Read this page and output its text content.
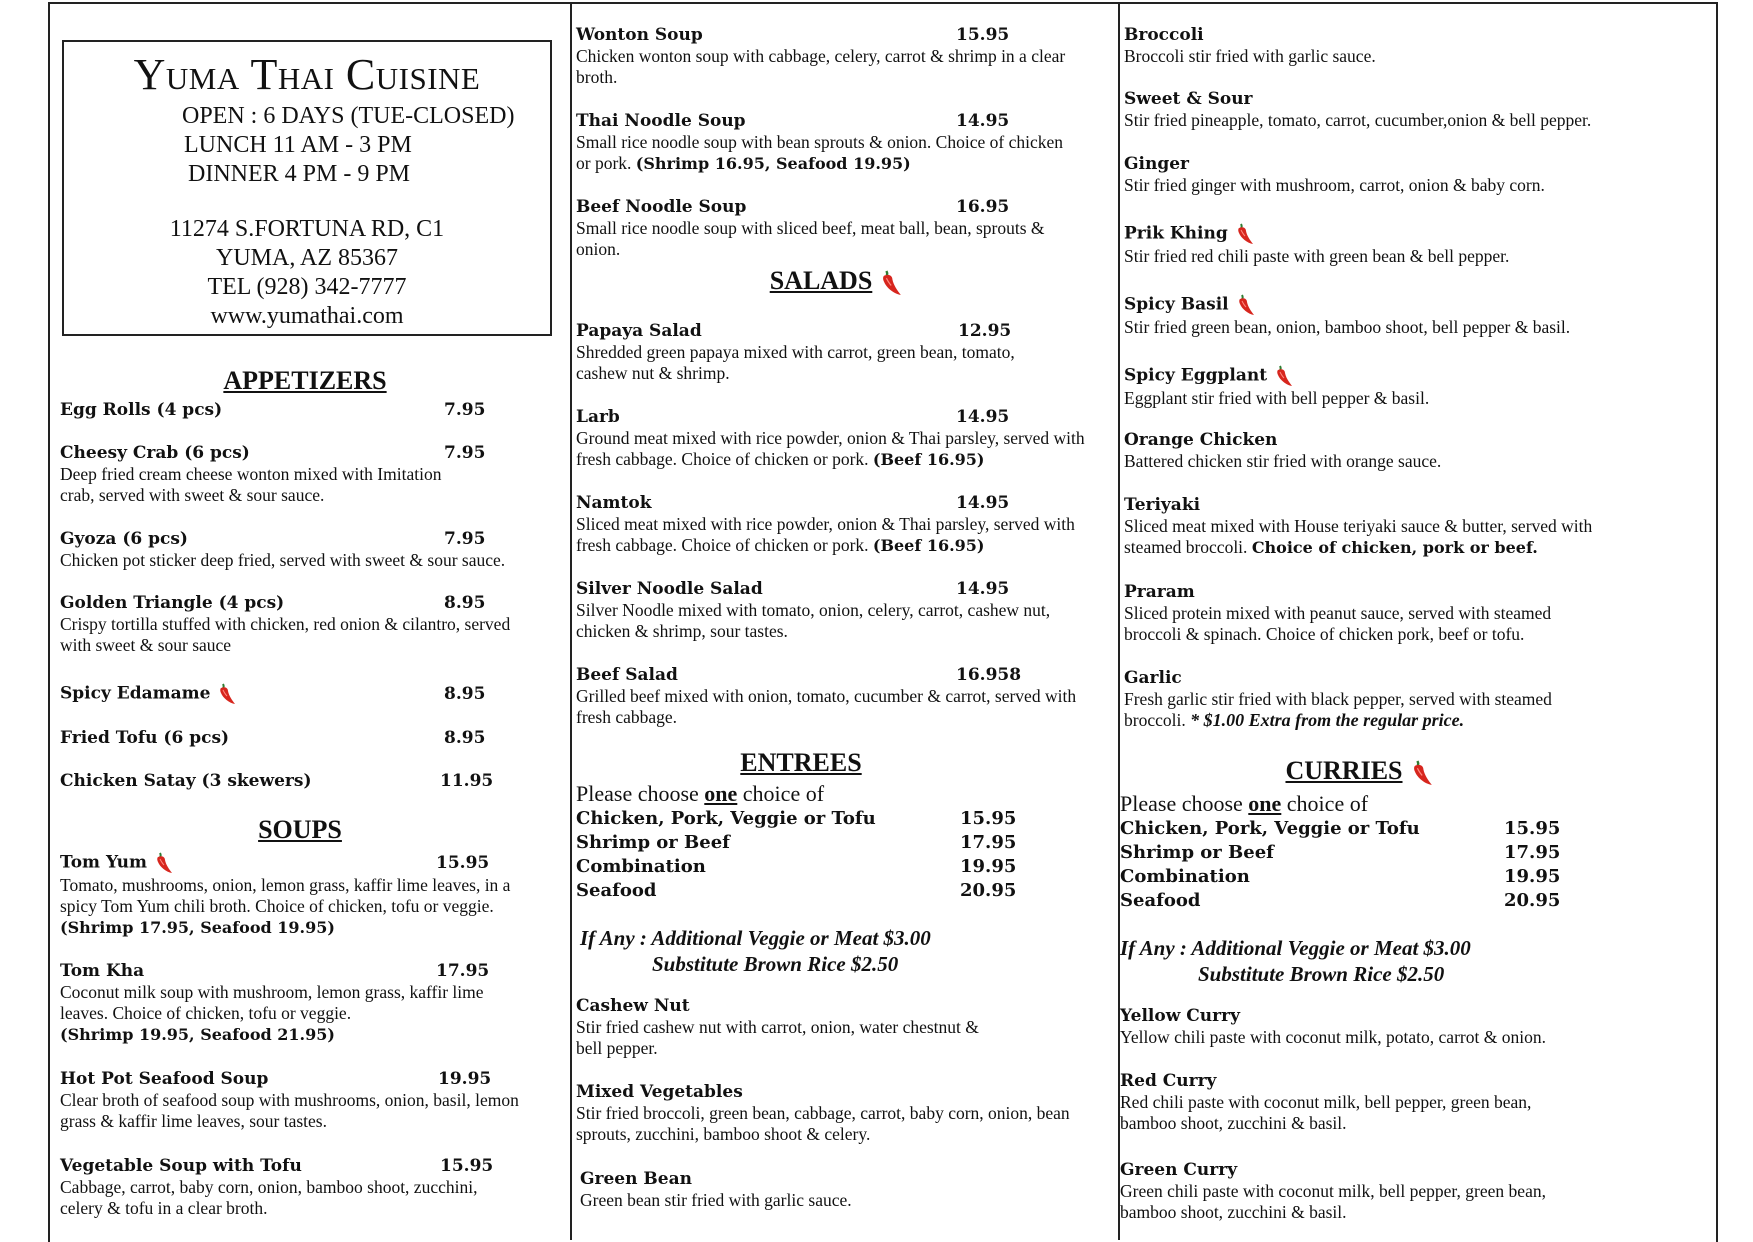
Yuma Thai Cuisine
OPEN : 6 DAYS (TUE-CLOSED)
LUNCH 11 AM - 3 PM
DINNER 4 PM - 9 PM
11274 S.FORTUNA RD, C1
YUMA, AZ 85367
TEL (928) 342-7777
www.yumathai.com
APPETIZERS
Egg Rolls (4 pcs)	7.95
Cheesy Crab (6 pcs)	7.95
Deep fried cream cheese wonton mixed with Imitation crab, served with sweet & sour sauce.
Gyoza (6 pcs)	7.95
Chicken pot sticker deep fried, served with sweet & sour sauce.
Golden Triangle (4 pcs)	8.95
Crispy tortilla stuffed with chicken, red onion & cilantro, served with sweet & sour sauce
Spicy Edamame	8.95
Fried Tofu (6 pcs)	8.95
Chicken Satay (3 skewers)	11.95
SOUPS
Tom Yum	15.95
Tomato, mushrooms, onion, lemon grass, kaffir lime leaves, in a spicy Tom Yum chili broth. Choice of chicken, tofu or veggie. (Shrimp 17.95, Seafood 19.95)
Tom Kha	17.95
Coconut milk soup with mushroom, lemon grass, kaffir lime leaves. Choice of chicken, tofu or veggie.
(Shrimp 19.95, Seafood 21.95)
Hot Pot Seafood Soup	19.95
Clear broth of seafood soup with mushrooms, onion, basil, lemon grass & kaffir lime leaves, sour tastes.
Vegetable Soup with Tofu	15.95
Cabbage, carrot, baby corn, onion, bamboo shoot, zucchini, celery & tofu in a clear broth.
Wonton Soup	15.95
Chicken wonton soup with cabbage, celery, carrot & shrimp in a clear broth.
Thai Noodle Soup	14.95
Small rice noodle soup with bean sprouts & onion. Choice of chicken or pork. (Shrimp 16.95, Seafood 19.95)
Beef Noodle Soup	16.95
Small rice noodle soup with sliced beef, meat ball, bean, sprouts & onion.
SALADS
Papaya Salad	12.95
Shredded green papaya mixed with carrot, green bean, tomato, cashew nut & shrimp.
Larb	14.95
Ground meat mixed with rice powder, onion & Thai parsley, served with fresh cabbage. Choice of chicken or pork. (Beef 16.95)
Namtok	14.95
Sliced meat mixed with rice powder, onion & Thai parsley, served with fresh cabbage. Choice of chicken or pork. (Beef 16.95)
Silver Noodle Salad	14.95
Silver Noodle mixed with tomato, onion, celery, carrot, cashew nut, chicken & shrimp, sour tastes.
Beef Salad	16.958
Grilled beef mixed with onion, tomato, cucumber & carrot, served with fresh cabbage.
ENTREES
Please choose one choice of
Chicken, Pork, Veggie or Tofu	15.95
Shrimp or Beef	17.95
Combination	19.95
Seafood	20.95
If Any : Additional Veggie or Meat $3.00
Substitute Brown Rice $2.50
Cashew Nut
Stir fried cashew nut with carrot, onion, water chestnut & bell pepper.
Mixed Vegetables
Stir fried broccoli, green bean, cabbage, carrot, baby corn, onion, bean sprouts, zucchini, bamboo shoot & celery.
Green Bean
Green bean stir fried with garlic sauce.
Broccoli
Broccoli stir fried with garlic sauce.
Sweet & Sour
Stir fried pineapple, tomato, carrot, cucumber,onion & bell pepper.
Ginger
Stir fried ginger with mushroom, carrot, onion & baby corn.
Prik Khing
Stir fried red chili paste with green bean & bell pepper.
Spicy Basil
Stir fried green bean, onion, bamboo shoot, bell pepper & basil.
Spicy Eggplant
Eggplant stir fried with bell pepper & basil.
Orange Chicken
Battered chicken stir fried with orange sauce.
Teriyaki
Sliced meat mixed with House teriyaki sauce & butter, served with steamed broccoli. Choice of chicken, pork or beef.
Praram
Sliced protein mixed with peanut sauce, served with steamed broccoli & spinach. Choice of chicken pork, beef or tofu.
Garlic
Fresh garlic stir fried with black pepper, served with steamed broccoli. * $1.00 Extra from the regular price.
CURRIES
Please choose one choice of
Chicken, Pork, Veggie or Tofu	15.95
Shrimp or Beef	17.95
Combination	19.95
Seafood	20.95
If Any : Additional Veggie or Meat $3.00
Substitute Brown Rice $2.50
Yellow Curry
Yellow chili paste with coconut milk, potato, carrot & onion.
Red Curry
Red chili paste with coconut milk, bell pepper, green bean, bamboo shoot, zucchini & basil.
Green Curry
Green chili paste with coconut milk, bell pepper, green bean, bamboo shoot, zucchini & basil.
